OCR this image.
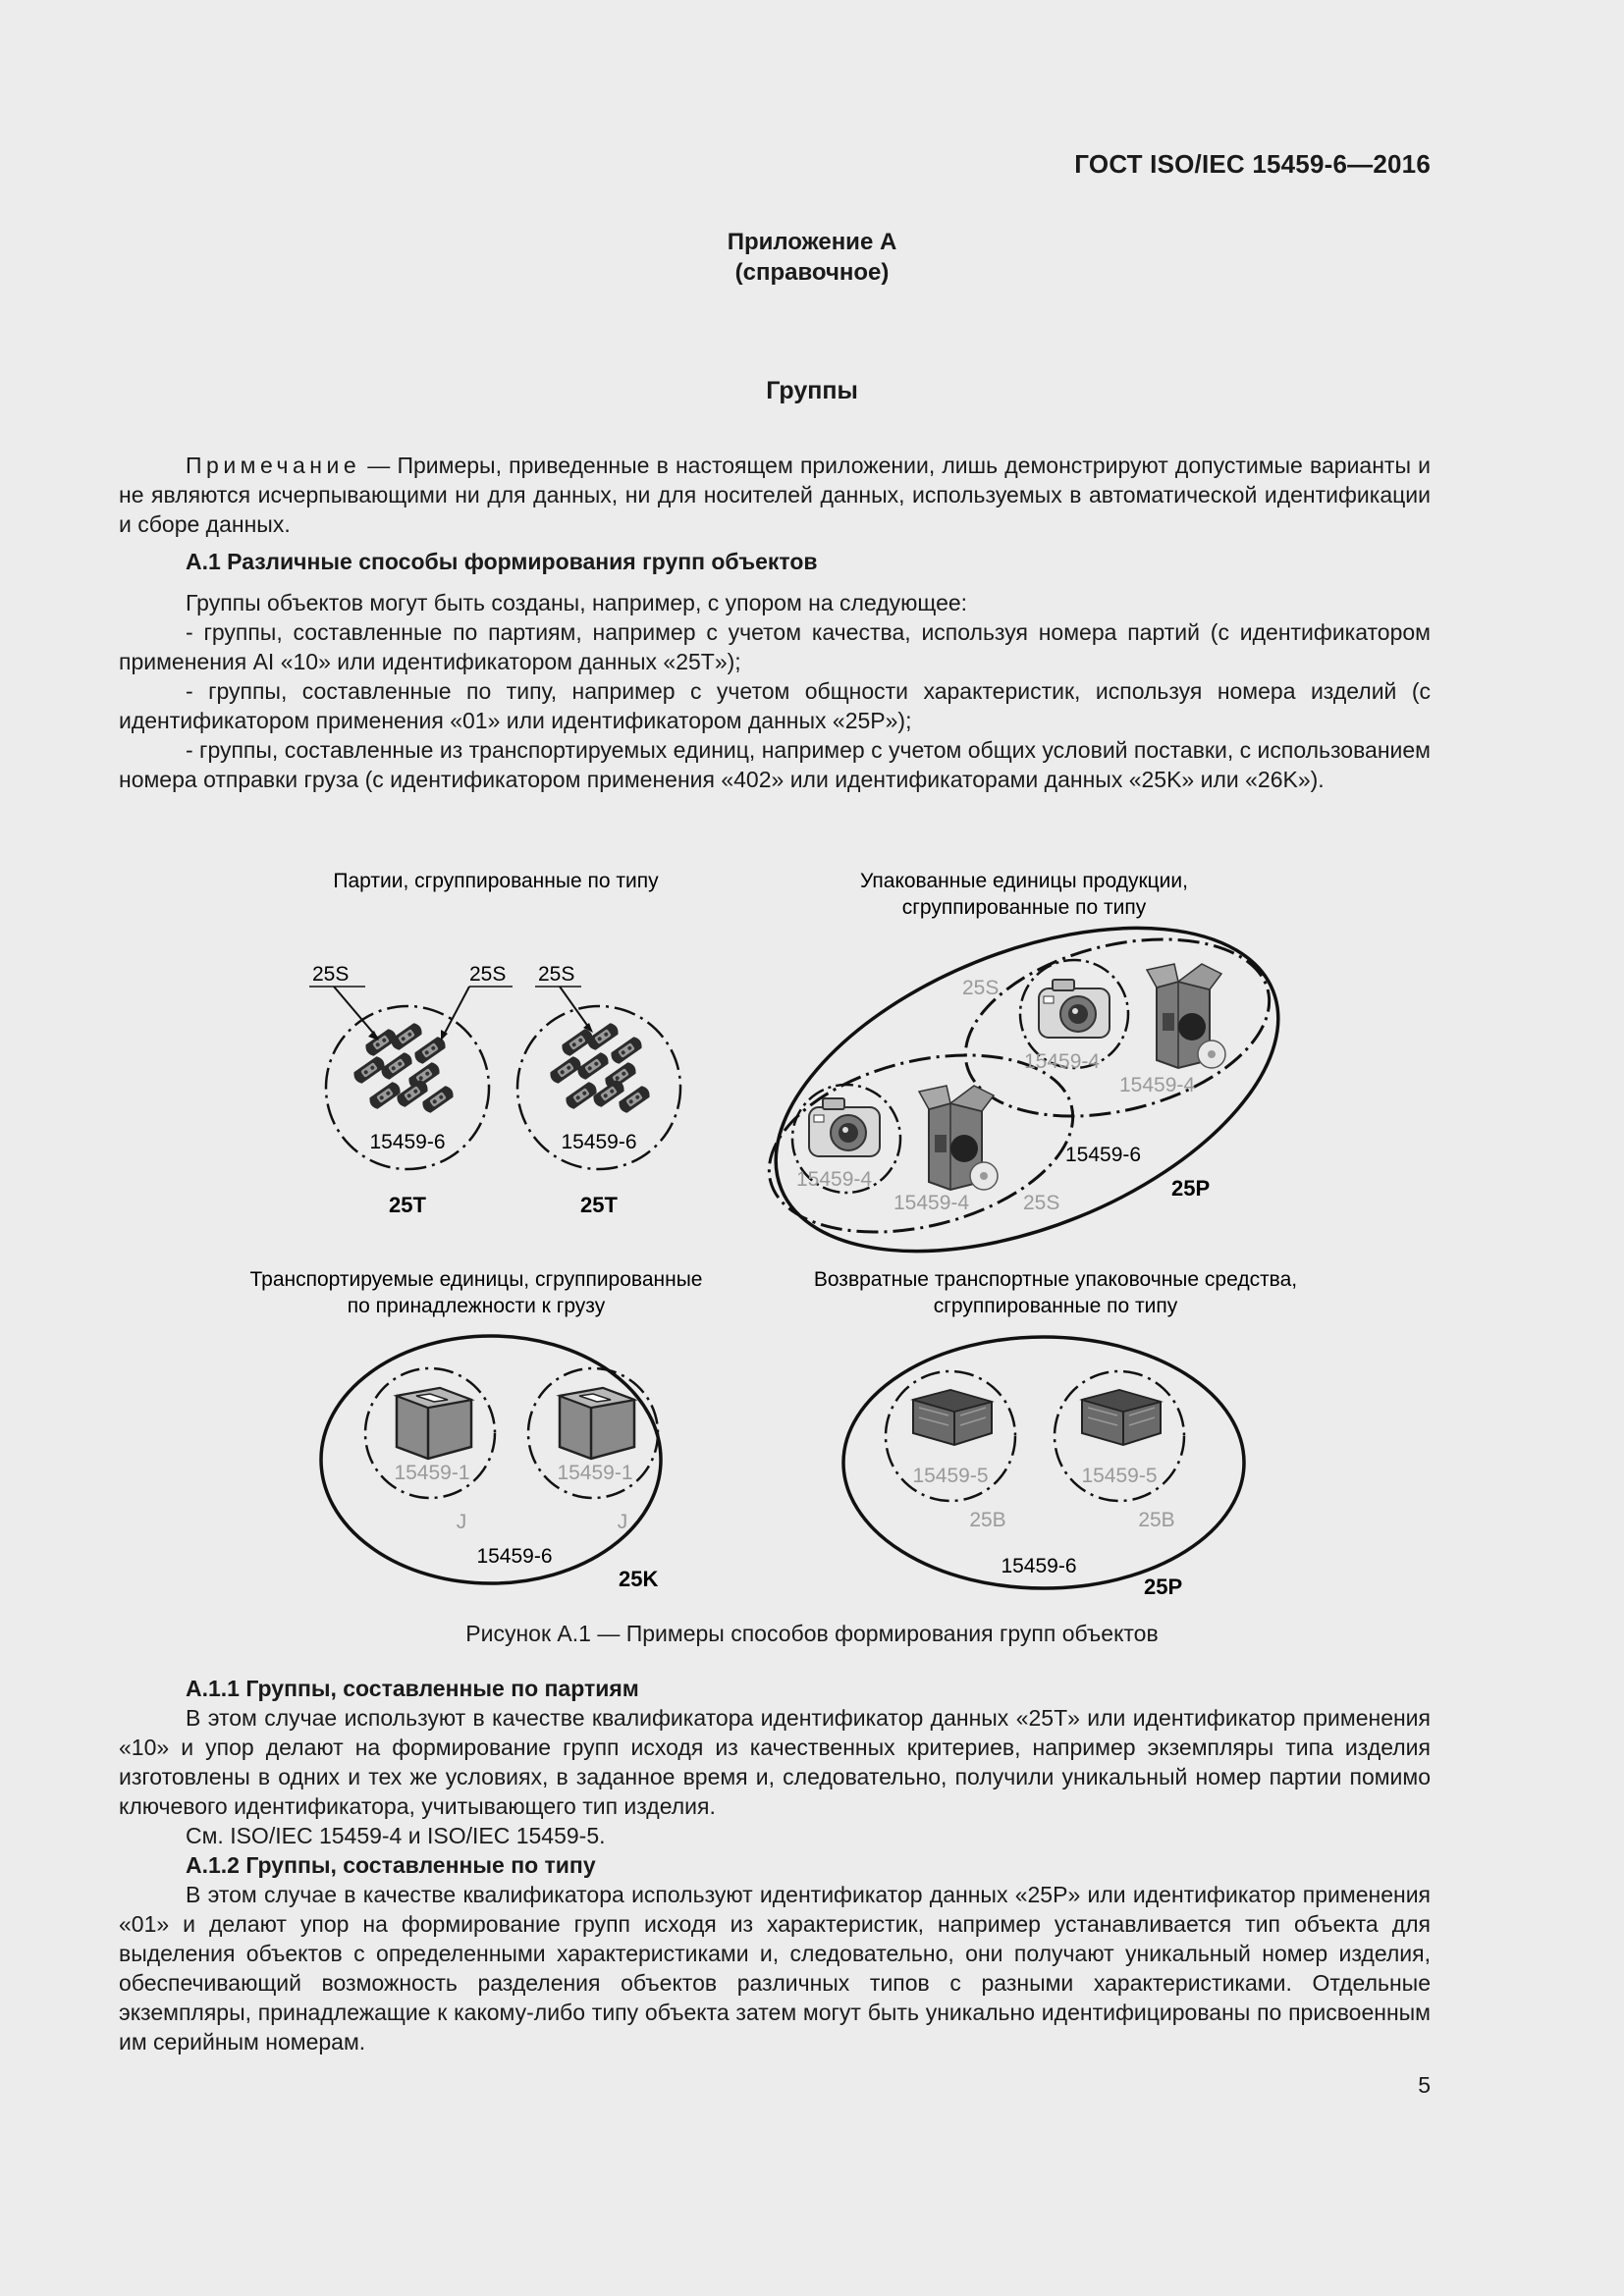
ГОСТ ISO/IEC 15459-6—2016
Приложение А
(справочное)
Группы

Примечание — Примеры, приведенные в настоящем приложении, лишь демонстрируют допустимые варианты и не являются исчерпывающими ни для данных, ни для носителей данных, используемых в автоматической идентификации и сборе данных.

А.1 Различные способы формирования групп объектов

Группы объектов могут быть созданы, например, с упором на следующее:

- группы, составленные по партиям, например с учетом качества, используя номера партий (с идентификатором применения AI «10» или идентификатором данных «25T»);

- группы, составленные по типу, например с учетом общности характеристик, используя номера изделий (с идентификатором применения «01» или идентификатором данных «25P»);

- группы, составленные из транспортируемых единиц, например с учетом общих условий поставки, с использованием номера отправки груза (с идентификатором применения «402» или идентификаторами данных «25K» или «26K»).

Партии, сгруппированные по типу
25S	25S 25S
15459-6	15459-6
25T	25T
Упакованные единицы продукции,
сгруппированные по типу
25S
15459-4
15459-4
15459-4
15459-4
15459-6
25S
25P
Транспортируемые единицы, сгруппированные
по принадлежности к грузу
15459-1	15459-1
J	J
15459-6
25K
Возвратные транспортные упаковочные средства,
сгруппированные по типу
15459-5	15459-5
25B	25B
15459-6
25P
Рисунок А.1 — Примеры способов формирования групп объектов

А.1.1 Группы, составленные по партиям

В этом случае используют в качестве квалификатора идентификатор данных «25T» или идентификатор применения «10» и упор делают на формирование групп исходя из качественных критериев, например экземпляры типа изделия изготовлены в одних и тех же условиях, в заданное время и, следовательно, получили уникальный номер партии помимо ключевого идентификатора, учитывающего тип изделия.

См. ISO/IEC 15459-4 и ISO/IEC 15459-5.

А.1.2 Группы, составленные по типу

В этом случае в качестве квалификатора используют идентификатор данных «25P» или идентификатор применения «01» и делают упор на формирование групп исходя из характеристик, например устанавливается тип объекта для выделения объектов с определенными характеристиками и, следовательно, они получают уникальный номер изделия, обеспечивающий возможность разделения объектов различных типов с разными характеристиками. Отдельные экземпляры, принадлежащие к какому-либо типу объекта затем могут быть уникально идентифицированы по присвоенным им серийным номерам.

5
